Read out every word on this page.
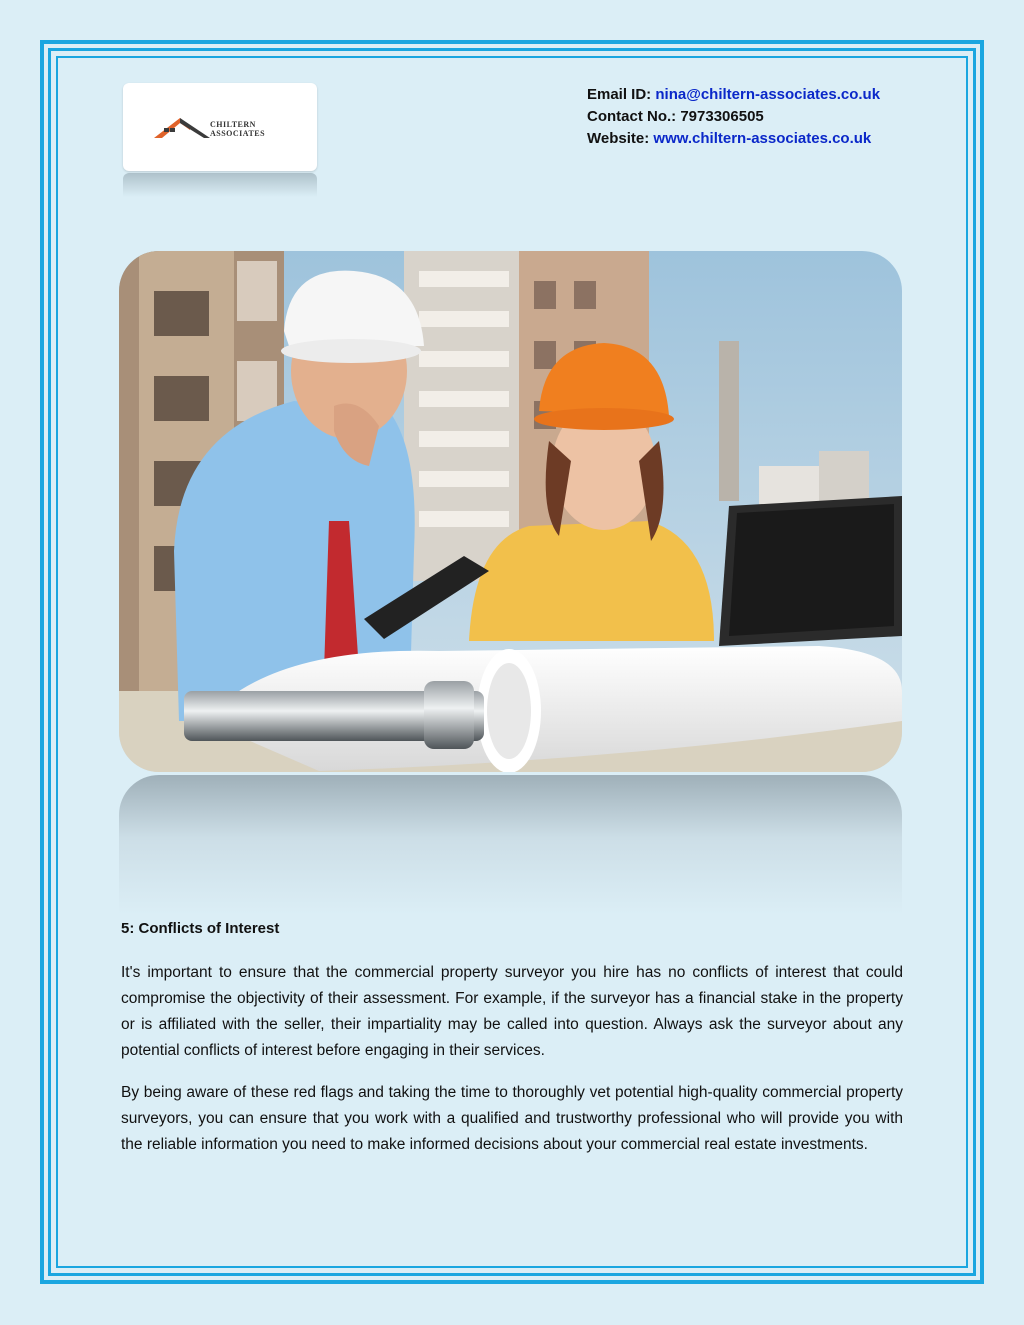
CHILTERN
ASSOCIATES
Email ID: nina@chiltern-associates.co.uk
Contact No.: 7973306505
Website: www.chiltern-associates.co.uk
5: Conflicts of Interest

It's important to ensure that the commercial property surveyor you hire has no conflicts of interest that could compromise the objectivity of their assessment. For example, if the surveyor has a financial stake in the property or is affiliated with the seller, their impartiality may be called into question. Always ask the surveyor about any potential conflicts of interest before engaging in their services.

By being aware of these red flags and taking the time to thoroughly vet potential high-quality commercial property surveyors, you can ensure that you work with a qualified and trustworthy professional who will provide you with the reliable information you need to make informed decisions about your commercial real estate investments.
